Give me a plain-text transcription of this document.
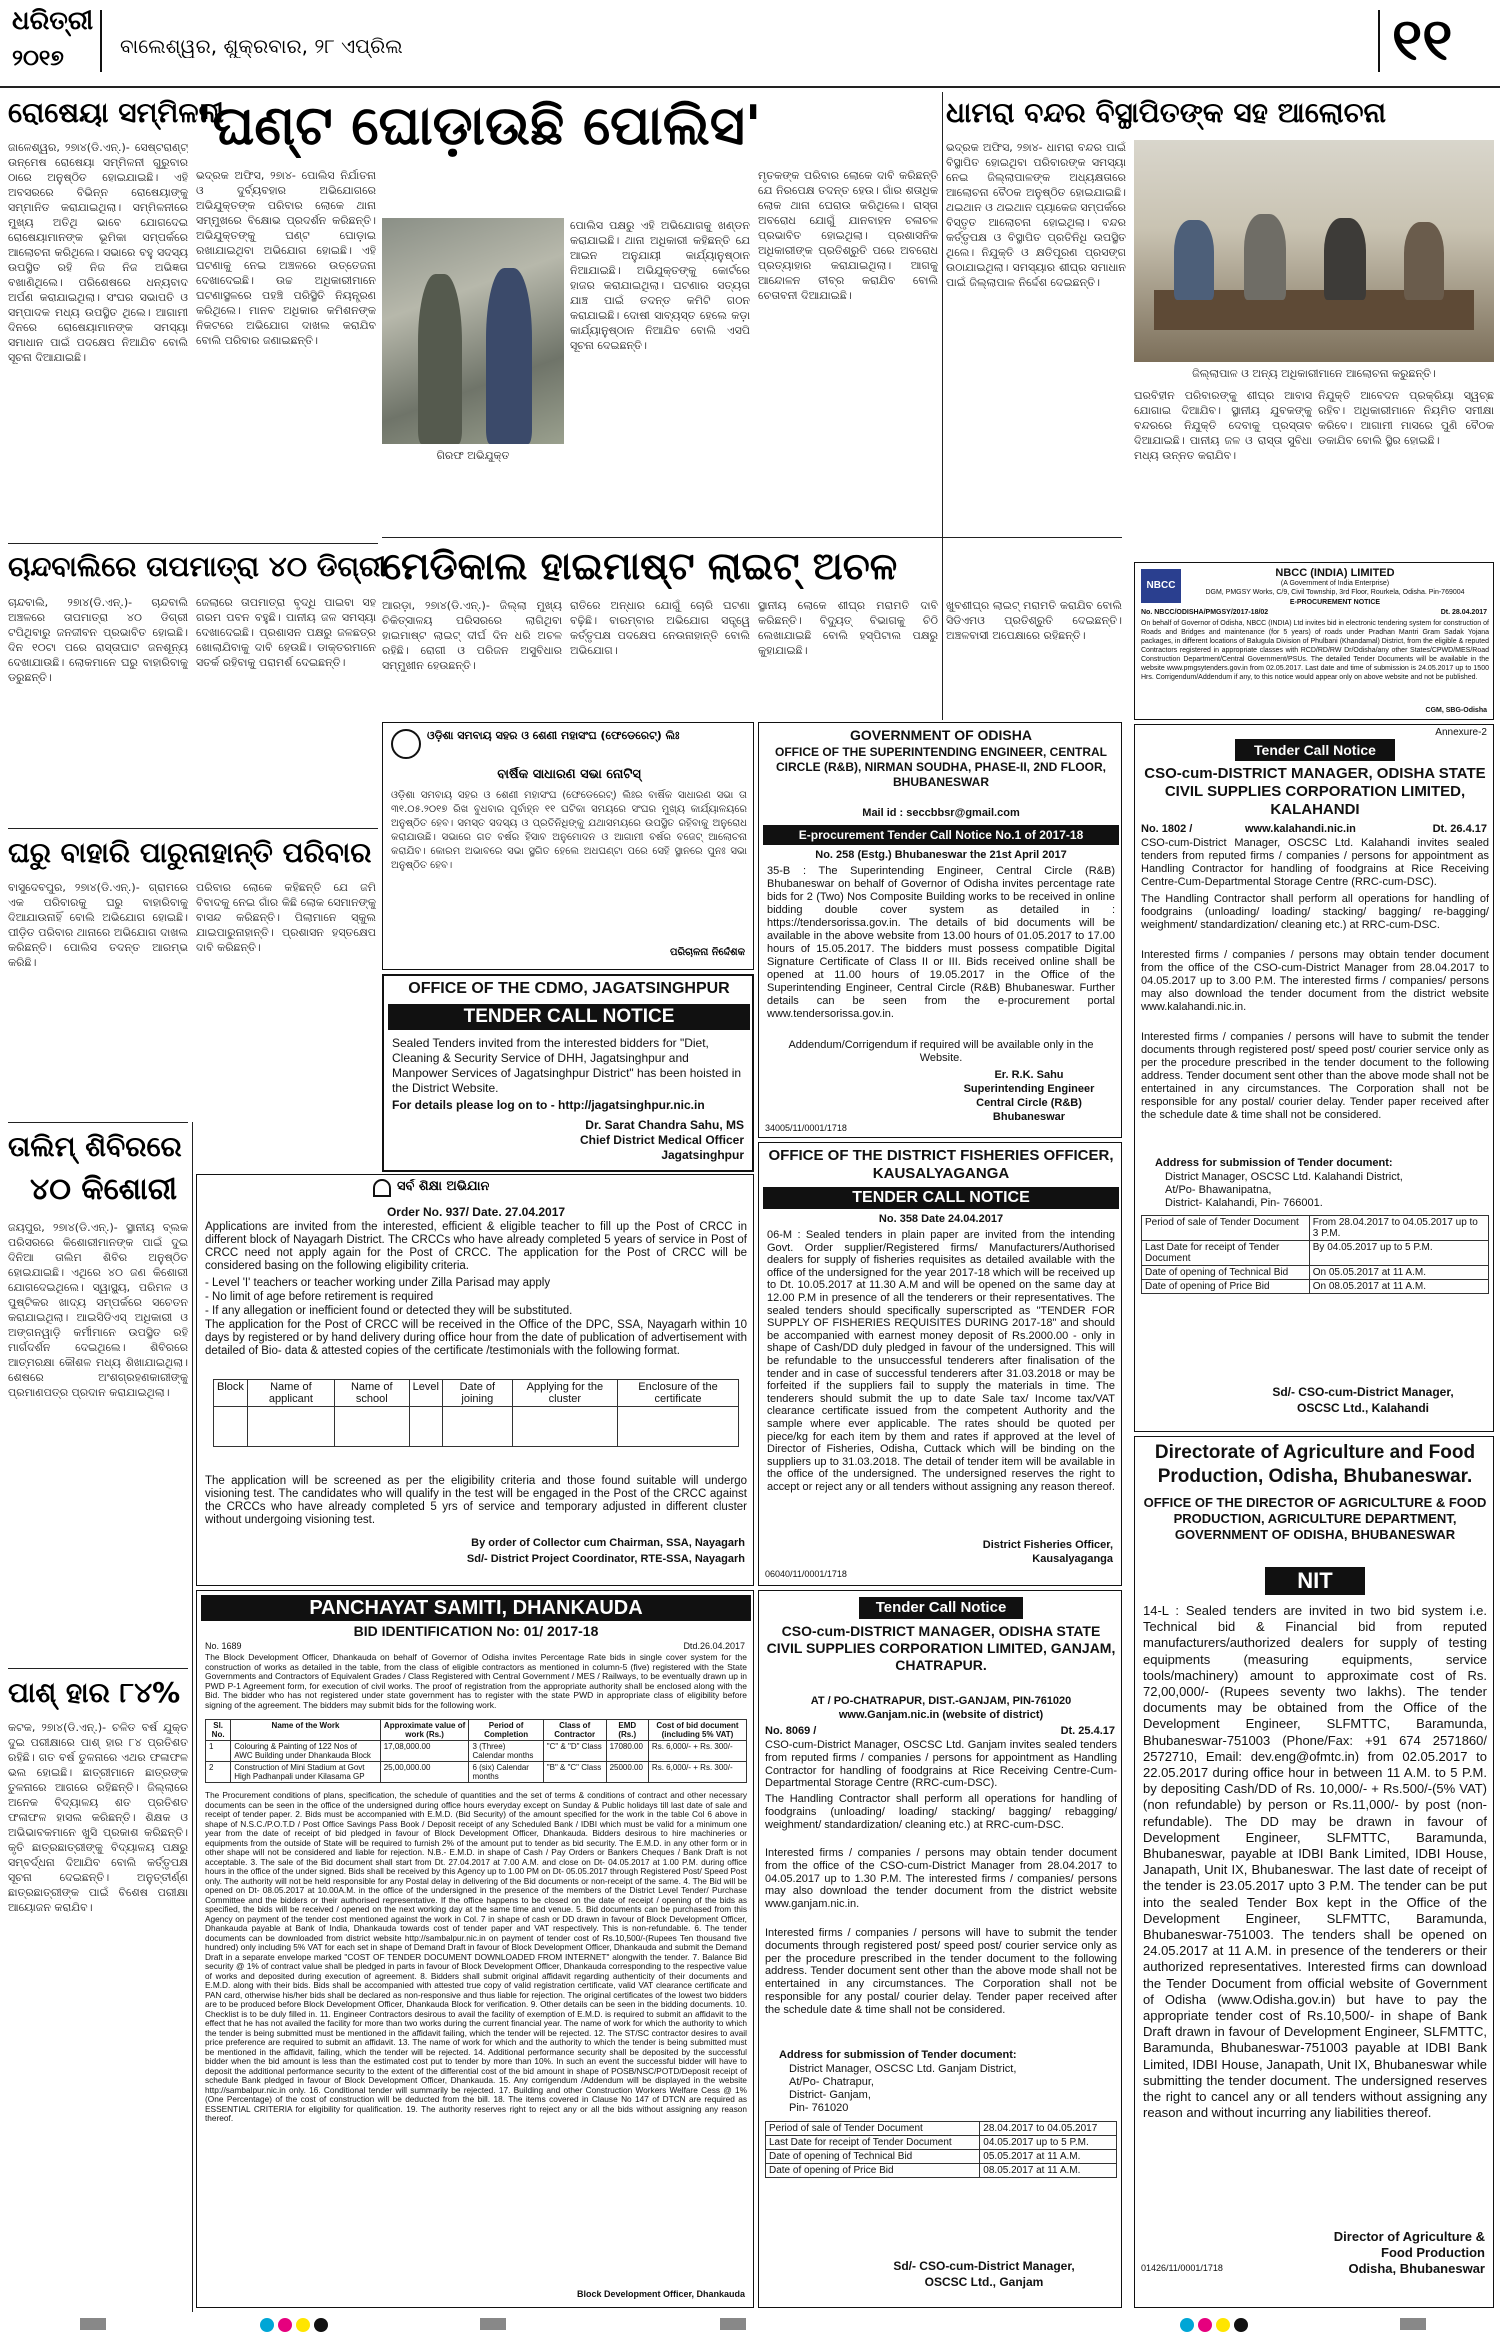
ଧରିତ୍ରୀ
୨୦୧୭	ବାଲେଶ୍ୱର, ଶୁକ୍ରବାର, ୨୮ ଏପ୍ରିଲ	୧୧
ରୋଷେୟା ସମ୍ମିଳନୀ
ଜାଳେଶ୍ୱର, ୨୭ା୪(ଡି.ଏନ୍.)- ସେଷ୍ଟରାଣ୍ଟ୍ ଉନ୍ମେଷ ରୋଷେୟା ସମ୍ମିଳନୀ ଗୁରୁବାର ଠାରେ ଅନୁଷ୍ଠିତ ହୋଇଯାଇଛି। ଏହି ଅବସରରେ ବିଭିନ୍ନ ରୋଷେୟାଙ୍କୁ ସମ୍ମାନିତ କରାଯାଇଥିଲା। ସମ୍ମିଳନୀରେ ମୁଖ୍ୟ ଅତିଥି ଭାବେ ଯୋଗଦେଇ ରୋଷେୟାମାନଙ୍କ ଭୂମିକା ସମ୍ପର୍କରେ ଆଲୋଚନା କରିଥିଲେ। ସଭାରେ ବହୁ ସଦସ୍ୟ ଉପସ୍ଥିତ ରହି ନିଜ ନିଜ ଅଭିଜ୍ଞତା ବଖାଣିଥିଲେ। ପରିଶେଷରେ ଧନ୍ୟବାଦ ଅର୍ପଣ କରାଯାଇଥିଲା। ସଂଘର ସଭାପତି ଓ ସମ୍ପାଦକ ମଧ୍ୟ ଉପସ୍ଥିତ ଥିଲେ। ଆଗାମୀ ଦିନରେ ରୋଷେୟାମାନଙ୍କ ସମସ୍ୟା ସମାଧାନ ପାଇଁ ପଦକ୍ଷେପ ନିଆଯିବ ବୋଲି ସୂଚନା ଦିଆଯାଇଛି।
ଚାନ୍ଦବାଲିରେ ତାପମାତ୍ରା ୪୦ ଡିଗ୍ରୀ
ଚାନ୍ଦବାଲି, ୨୭ା୪(ଡି.ଏନ୍.)- ଚାନ୍ଦବାଲି ଅଞ୍ଚଳରେ ତାପମାତ୍ରା ୪୦ ଡିଗ୍ରୀ ଟପିଥିବାରୁ ଜନଜୀବନ ପ୍ରଭାବିତ ହୋଇଛି। ଦିନ ୧୦ଟା ପରେ ରାସ୍ତାଘାଟ ଜନଶୂନ୍ୟ ଦେଖାଯାଉଛି। ଲୋକମାନେ ଘରୁ ବାହାରିବାକୁ ଡରୁଛନ୍ତି।
ଜେଲାରେ ତାପମାତ୍ରା ବୃଦ୍ଧି ପାଇବା ସହ ଗରମ ପବନ ବହୁଛି। ପାନୀୟ ଜଳ ସମସ୍ୟା ଦେଖାଦେଇଛି। ପ୍ରଶାସନ ପକ୍ଷରୁ ଜଳଛତ୍ର ଖୋଲାଯିବାକୁ ଦାବି ହେଉଛି। ଡାକ୍ତରମାନେ ସତର୍କ ରହିବାକୁ ପରାମର୍ଶ ଦେଇଛନ୍ତି।
ଘରୁ ବାହାରି ପାରୁନାହାନ୍ତି ପରିବାର
ବାସୁଦେବପୁର, ୨୭ା୪(ଡି.ଏନ୍.)- ଗ୍ରାମରେ ଏକ ପରିବାରକୁ ଘରୁ ବାହାରିବାକୁ ଦିଆଯାଉନାହିଁ ବୋଲି ଅଭିଯୋଗ ହୋଇଛି। ପୀଡ଼ିତ ପରିବାର ଥାନାରେ ଅଭିଯୋଗ ଦାଖଲ କରିଛନ୍ତି। ପୋଲିସ ତଦନ୍ତ ଆରମ୍ଭ କରିଛି।
ପରିବାର ଲୋକେ କହିଛନ୍ତି ଯେ ଜମି ବିବାଦକୁ ନେଇ ଗାଁର କିଛି ଲୋକ ସେମାନଙ୍କୁ ବାସନ୍ଦ କରିଛନ୍ତି। ପିଲାମାନେ ସ୍କୁଲ ଯାଇପାରୁନାହାନ୍ତି। ପ୍ରଶାସନ ହସ୍ତକ୍ଷେପ ଦାବି କରିଛନ୍ତି।
ତାଲିମ୍ ଶିବିରରେ
୪୦ କିଶୋରୀ
ଜୟପୁର, ୨୭ା୪(ଡି.ଏନ୍.)- ସ୍ଥାନୀୟ ବ୍ଲକ ପରିସରରେ କିଶୋରୀମାନଙ୍କ ପାଇଁ ଦୁଇ ଦିନିଆ ତାଲିମ ଶିବିର ଅନୁଷ୍ଠିତ ହୋଇଯାଇଛି। ଏଥିରେ ୪୦ ଜଣ କିଶୋରୀ ଯୋଗଦେଇଥିଲେ। ସ୍ୱାସ୍ଥ୍ୟ, ପରିମଳ ଓ ପୁଷ୍ଟିକର ଖାଦ୍ୟ ସମ୍ପର୍କରେ ସଚେତନ କରାଯାଇଥିଲା। ଆଇସିଡିଏସ୍ ଅଧିକାରୀ ଓ ଅଙ୍ଗନୱାଡ଼ି କର୍ମୀମାନେ ଉପସ୍ଥିତ ରହି ମାର୍ଗଦର୍ଶନ ଦେଇଥିଲେ। ଶିବିରରେ ଆତ୍ମରକ୍ଷା କୌଶଳ ମଧ୍ୟ ଶିଖାଯାଇଥିଲା। ଶେଷରେ ଅଂଶଗ୍ରହଣକାରୀଙ୍କୁ ପ୍ରମାଣପତ୍ର ପ୍ରଦାନ କରାଯାଇଥିଲା।
ପାଶ୍ ହାର ୮୪%
କଟକ, ୨୭ା୪(ଡି.ଏନ୍.)- ଚଳିତ ବର୍ଷ ଯୁକ୍ତ ଦୁଇ ପରୀକ୍ଷାରେ ପାଶ୍ ହାର ୮୪ ପ୍ରତିଶତ ରହିଛି। ଗତ ବର୍ଷ ତୁଳନାରେ ଏଥର ଫଳାଫଳ ଭଲ ହୋଇଛି। ଛାତ୍ରୀମାନେ ଛାତ୍ରଙ୍କ ତୁଳନାରେ ଆଗରେ ରହିଛନ୍ତି। ଜିଲ୍ଲାରେ ଅନେକ ବିଦ୍ୟାଳୟ ଶତ ପ୍ରତିଶତ ଫଳାଫଳ ହାସଲ କରିଛନ୍ତି। ଶିକ୍ଷକ ଓ ଅଭିଭାବକମାନେ ଖୁସି ପ୍ରକାଶ କରିଛନ୍ତି। କୃତି ଛାତ୍ରଛାତ୍ରୀଙ୍କୁ ବିଦ୍ୟାଳୟ ପକ୍ଷରୁ ସମ୍ବର୍ଦ୍ଧନା ଦିଆଯିବ ବୋଲି କର୍ତ୍ତୃପକ୍ଷ ସୂଚନା ଦେଇଛନ୍ତି। ଅନୁତ୍ତୀର୍ଣ୍ଣ ଛାତ୍ରଛାତ୍ରୀଙ୍କ ପାଇଁ ବିଶେଷ ପରୀକ୍ଷା ଆୟୋଜନ କରାଯିବ।
'ଘଣ୍ଟ ଘୋଡ଼ାଉଛି ପୋଲିସ'
ଭଦ୍ରକ ଅଫିସ, ୨୭ା୪- ପୋଲିସ ନିର୍ଯାତନା ଓ ଦୁର୍ବ୍ୟବହାର ଅଭିଯୋଗରେ ଅଭିଯୁକ୍ତଙ୍କ ପରିବାର ଲୋକେ ଥାନା ସମ୍ମୁଖରେ ବିକ୍ଷୋଭ ପ୍ରଦର୍ଶନ କରିଛନ୍ତି। ଅଭିଯୁକ୍ତଙ୍କୁ ଘଣ୍ଟ ଘୋଡ଼ାଇ ରଖାଯାଇଥିବା ଅଭିଯୋଗ ହୋଇଛି। ଏହି ଘଟଣାକୁ ନେଇ ଅଞ୍ଚଳରେ ଉତ୍ତେଜନା ଦେଖାଦେଇଛି। ଉଚ୍ଚ ଅଧିକାରୀମାନେ ଘଟଣାସ୍ଥଳରେ ପହଞ୍ଚି ପରିସ୍ଥିତି ନିୟନ୍ତ୍ରଣ କରିଥିଲେ। ମାନବ ଅଧିକାର କମିଶନଙ୍କ ନିକଟରେ ଅଭିଯୋଗ ଦାଖଲ କରାଯିବ ବୋଲି ପରିବାର ଜଣାଇଛନ୍ତି।
ଗିରଫ ଅଭିଯୁକ୍ତ
ପୋଲିସ ପକ୍ଷରୁ ଏହି ଅଭିଯୋଗକୁ ଖଣ୍ଡନ କରାଯାଇଛି। ଥାନା ଅଧିକାରୀ କହିଛନ୍ତି ଯେ ଆଇନ ଅନୁଯାୟୀ କାର୍ଯ୍ୟାନୁଷ୍ଠାନ ନିଆଯାଇଛି। ଅଭିଯୁକ୍ତଙ୍କୁ କୋର୍ଟରେ ହାଜର କରାଯାଇଥିଲା। ଘଟଣାର ସତ୍ୟତା ଯାଞ୍ଚ ପାଇଁ ତଦନ୍ତ କମିଟି ଗଠନ କରାଯାଇଛି। ଦୋଷୀ ସାବ୍ୟସ୍ତ ହେଲେ କଡ଼ା କାର୍ଯ୍ୟାନୁଷ୍ଠାନ ନିଆଯିବ ବୋଲି ଏସପି ସୂଚନା ଦେଇଛନ୍ତି।
ମୃତକଙ୍କ ପରିବାର ଲୋକେ ଦାବି କରିଛନ୍ତି ଯେ ନିରପେକ୍ଷ ତଦନ୍ତ ହେଉ। ଗାଁର ଶତାଧିକ ଲୋକ ଥାନା ଘେରାଉ କରିଥିଲେ। ରାସ୍ତା ଅବରୋଧ ଯୋଗୁଁ ଯାନବାହନ ଚଳାଚଳ ପ୍ରଭାବିତ ହୋଇଥିଲା। ପ୍ରଶାସନିକ ଅଧିକାରୀଙ୍କ ପ୍ରତିଶ୍ରୁତି ପରେ ଅବରୋଧ ପ୍ରତ୍ୟାହାର କରାଯାଇଥିଲା। ଆଗକୁ ଆନ୍ଦୋଳନ ତୀବ୍ର କରାଯିବ ବୋଲି ଚେତାବନୀ ଦିଆଯାଇଛି।
ଧାମରା ବନ୍ଦର ବିସ୍ଥାପିତଙ୍କ ସହ ଆଲୋଚନା
ଭଦ୍ରକ ଅଫିସ, ୨୭ା୪- ଧାମରା ବନ୍ଦର ପାଇଁ ବିସ୍ଥାପିତ ହୋଇଥିବା ପରିବାରଙ୍କ ସମସ୍ୟା ନେଇ ଜିଲ୍ଲାପାଳଙ୍କ ଅଧ୍ୟକ୍ଷତାରେ ଆଲୋଚନା ବୈଠକ ଅନୁଷ୍ଠିତ ହୋଇଯାଇଛି। ଥଇଥାନ ଓ ଥଇଥାନ ପ୍ୟାକେଜ ସମ୍ପର୍କରେ ବିସ୍ତୃତ ଆଲୋଚନା ହୋଇଥିଲା। ବନ୍ଦର କର୍ତ୍ତୃପକ୍ଷ ଓ ବିସ୍ଥାପିତ ପ୍ରତିନିଧି ଉପସ୍ଥିତ ଥିଲେ। ନିଯୁକ୍ତି ଓ କ୍ଷତିପୂରଣ ପ୍ରସଙ୍ଗ ଉଠାଯାଇଥିଲା। ସମସ୍ୟାର ଶୀଘ୍ର ସମାଧାନ ପାଇଁ ଜିଲ୍ଲାପାଳ ନିର୍ଦ୍ଦେଶ ଦେଇଛନ୍ତି।
ଜିଲ୍ଲାପାଳ ଓ ଅନ୍ୟ ଅଧିକାରୀମାନେ ଆଲୋଚନା କରୁଛନ୍ତି।
ଘରବିହୀନ ପରିବାରଙ୍କୁ ଶୀଘ୍ର ଆବାସ ଯୋଗାଇ ଦିଆଯିବ। ସ୍ଥାନୀୟ ଯୁବକଙ୍କୁ ବନ୍ଦରରେ ନିଯୁକ୍ତି ଦେବାକୁ ପ୍ରସ୍ତାବ ଦିଆଯାଇଛି। ପାନୀୟ ଜଳ ଓ ରାସ୍ତା ସୁବିଧା ମଧ୍ୟ ଉନ୍ନତ କରାଯିବ।
ନିଯୁକ୍ତି ଆବେଦନ ପ୍ରକ୍ରିୟା ସ୍ୱଚ୍ଛ ରହିବ। ଅଧିକାରୀମାନେ ନିୟମିତ ସମୀକ୍ଷା କରିବେ। ଆଗାମୀ ମାସରେ ପୁଣି ବୈଠକ ଡକାଯିବ ବୋଲି ସ୍ଥିର ହୋଇଛି।
ମେଡିକାଲ ହାଇମାଷ୍ଟ ଲାଇଟ୍ ଅଚଳ
ଆରଡ଼ା, ୨୭ା୪(ଡି.ଏନ୍.)- ଜିଲ୍ଲା ମୁଖ୍ୟ ଚିକିତ୍ସାଳୟ ପରିସରରେ ଲାଗିଥିବା ହାଇମାଷ୍ଟ ଲାଇଟ୍ ଦୀର୍ଘ ଦିନ ଧରି ଅଚଳ ରହିଛି। ରୋଗୀ ଓ ପରିଜନ ଅସୁବିଧାର ସମ୍ମୁଖୀନ ହେଉଛନ୍ତି।
ରାତିରେ ଅନ୍ଧାର ଯୋଗୁଁ ଚୋରି ଘଟଣା ବଢ଼ିଛି। ବାରମ୍ବାର ଅଭିଯୋଗ ସତ୍ତ୍ୱେ କର୍ତ୍ତୃପକ୍ଷ ପଦକ୍ଷେପ ନେଉନାହାନ୍ତି ବୋଲି ଅଭିଯୋଗ।
ସ୍ଥାନୀୟ ଲୋକେ ଶୀଘ୍ର ମରାମତି ଦାବି କରିଛନ୍ତି। ବିଦ୍ୟୁତ୍ ବିଭାଗକୁ ଚିଠି ଲେଖାଯାଇଛି ବୋଲି ହସ୍ପିଟାଲ ପକ୍ଷରୁ କୁହାଯାଇଛି।
ଖୁବଶୀଘ୍ର ଲାଇଟ୍ ମରାମତି କରାଯିବ ବୋଲି ସିଡିଏମଓ ପ୍ରତିଶ୍ରୁତି ଦେଇଛନ୍ତି। ଅଞ୍ଚଳବାସୀ ଅପେକ୍ଷାରେ ରହିଛନ୍ତି।
NBCC
NBCC (INDIA) LIMITED
(A Government of India Enterprise)
DGM, PMGSY Works, C/9, Civil Township, 3rd Floor, Rourkela, Odisha. Pin-769004
E-PROCUREMENT NOTICE
No. NBCC/ODISHA/PMGSY/2017-18/02	Dt. 28.04.2017
On behalf of Governor of Odisha, NBCC (INDIA) Ltd invites bid in electronic tendering system for construction of Roads and Bridges and maintenance (for 5 years) of roads under Pradhan Mantri Gram Sadak Yojana packages, in different locations of Balugula Division of Phulbani (Khandamal) District, from the eligible & reputed Contractors registered in appropriate classes with RCD/RD/RW Dr/Odisha/any other States/CPWD/MES/Road Construction Department/Central Government/PSUs. The detailed Tender Documents will be available in the website www.pmgsytenders.gov.in from 02.05.2017. Last date and time of submission is 24.05.2017 up to 1500 Hrs. Corrigendum/Addendum if any, to this notice would appear only on above website and not be published.
CGM, SBG-Odisha
ଓଡ଼ିଶା ସମବାୟ ସହର ଓ ଶେଣୀ ମହାସଂଘ (ଫେଡେରେଟ୍) ଲିଃ
ବାର୍ଷିକ ସାଧାରଣ ସଭା ନୋଟିସ୍
ଓଡ଼ିଶା ସମବାୟ ସହର ଓ ଶେଣୀ ମହାସଂଘ (ଫେଡେରେଟ୍) ଲିଃର ବାର୍ଷିକ ସାଧାରଣ ସଭା ତା ୩୧.୦୫.୨୦୧୭ ରିଖ ବୁଧବାର ପୂର୍ବାହ୍ନ ୧୧ ଘଟିକା ସମୟରେ ସଂଘର ମୁଖ୍ୟ କାର୍ଯ୍ୟାଳୟରେ ଅନୁଷ୍ଠିତ ହେବ। ସମସ୍ତ ସଦସ୍ୟ ଓ ପ୍ରତିନିଧିଙ୍କୁ ଯଥାସମୟରେ ଉପସ୍ଥିତ ରହିବାକୁ ଅନୁରୋଧ କରାଯାଉଛି। ସଭାରେ ଗତ ବର୍ଷର ହିସାବ ଅନୁମୋଦନ ଓ ଆଗାମୀ ବର୍ଷର ବଜେଟ୍ ଆଲୋଚନା କରାଯିବ। କୋରମ ଅଭାବରେ ସଭା ସ୍ଥଗିତ ହେଲେ ଅଧଘଣ୍ଟା ପରେ ସେହି ସ୍ଥାନରେ ପୁନଃ ସଭା ଅନୁଷ୍ଠିତ ହେବ।
ପରିଚାଳନା ନିର୍ଦ୍ଦେଶକ
OFFICE OF THE CDMO, JAGATSINGHPUR
TENDER CALL NOTICE
Sealed Tenders invited from the interested bidders for "Diet, Cleaning & Security Service of DHH, Jagatsinghpur and Manpower Services of Jagatsinghpur District" has been hoisted in the District Website.
For details please log on to - http://jagatsinghpur.nic.in
Dr. Sarat Chandra Sahu, MS
Chief District Medical Officer
Jagatsinghpur
GOVERNMENT OF ODISHA
OFFICE OF THE SUPERINTENDING ENGINEER, CENTRAL CIRCLE (R&B), NIRMAN SOUDHA, PHASE-II, 2ND FLOOR, BHUBANESWAR
Mail id : seccbbsr@gmail.com
E-procurement Tender Call Notice No.1 of 2017-18
No. 258 (Estg.) Bhubaneswar the 21st April 2017
35-B : The Superintending Engineer, Central Circle (R&B) Bhubaneswar on behalf of Governor of Odisha invites percentage rate bids for 2 (Two) Nos Composite Building works to be received in online bidding double cover system as detailed in : https://tendersorissa.gov.in. The details of bid documents will be available in the above website from 13.00 hours of 01.05.2017 to 17.00 hours of 15.05.2017. The bidders must possess compatible Digital Signature Certificate of Class II or III. Bids received online shall be opened at 11.00 hours of 19.05.2017 in the Office of the Superintending Engineer, Central Circle (R&B) Bhubaneswar. Further details can be seen from the e-procurement portal www.tendersorissa.gov.in.
Addendum/Corrigendum if required will be available only in the Website.
Er. R.K. Sahu
Superintending Engineer
Central Circle (R&B)
Bhubaneswar
34005/11/0001/1718
Annexure-2
Tender Call Notice
CSO-cum-DISTRICT MANAGER, ODISHA STATE CIVIL SUPPLIES CORPORATION LIMITED, KALAHANDI
No. 1802 /	www.kalahandi.nic.in	Dt. 26.4.17
CSO-cum-District Manager, OSCSC Ltd. Kalahandi invites sealed tenders from reputed firms / companies / persons for appointment as Handling Contractor for handling of foodgrains at Rice Receiving Centre-Cum-Departmental Storage Centre (RRC-cum-DSC).
The Handling Contractor shall perform all operations for handling of foodgrains (unloading/ loading/ stacking/ bagging/ re-bagging/ weighment/ standardization/ cleaning etc.) at RRC-cum-DSC.
Interested firms / companies / persons may obtain tender document from the office of the CSO-cum-District Manager from 28.04.2017 to 04.05.2017 up to 3.00 P.M. The interested firms / companies/ persons may also download the tender document from the district website www.kalahandi.nic.in.
Interested firms / companies / persons will have to submit the tender documents through registered post/ speed post/ courier service only as per the procedure prescribed in the tender document to the following address. Tender document sent other than the above mode shall not be entertained in any circumstances. The Corporation shall not be responsible for any postal/ courier delay. Tender paper received after the schedule date & time shall not be considered.
Address for submission of Tender document:
District Manager, OSCSC Ltd. Kalahandi District,
At/Po- Bhawanipatna,
District- Kalahandi, Pin- 766001.
Period of sale of Tender Document	From 28.04.2017 to 04.05.2017 up to 3 P.M.
Last Date for receipt of Tender Document	By 04.05.2017 up to 5 P.M.
Date of opening of Technical Bid	On 05.05.2017 at 11 A.M.
Date of opening of Price Bid	On 08.05.2017 at 11 A.M.
Sd/- CSO-cum-District Manager,
OSCSC Ltd., Kalahandi
ସର୍ବ ଶିକ୍ଷା ଅଭିଯାନ
Order No. 937/ Date. 27.04.2017
Applications are invited from the interested, efficient & eligible teacher to fill up the Post of CRCC in different block of Nayagarh District. The CRCCs who have already completed 5 years of service in Post of CRCC need not apply again for the Post of CRCC. The application for the Post of CRCC will be considered basing on the following eligibility criteria.
- Level 'I' teachers or teacher working under Zilla Parisad may apply
- No limit of age before retirement is required
- If any allegation or inefficient found or detected they will be substituted.
The application for the Post of CRCC will be received in the Office of the DPC, SSA, Nayagarh within 10 days by registered or by hand delivery during office hour from the date of publication of advertisement with detailed of Bio- data & attested copies of the certificate /testimonials with the following format.
Block	Name of applicant	Name of school	Level	Date of joining	Applying for the cluster	Enclosure of the certificate

The application will be screened as per the eligibility criteria and those found suitable will undergo visioning test. The candidates who will qualify in the test will be engaged in the Post of the CRCC against the CRCCs who have already completed 5 yrs of service and temporary adjusted in different cluster without undergoing visioning test.
By order of Collector cum Chairman, SSA, Nayagarh
Sd/- District Project Coordinator, RTE-SSA, Nayagarh
OFFICE OF THE DISTRICT FISHERIES OFFICER, KAUSALYAGANGA
TENDER CALL NOTICE
No. 358 Date 24.04.2017
06-M : Sealed tenders in plain paper are invited from the intending Govt. Order supplier/Registered firms/ Manufacturers/Authorised dealers for supply of fisheries requisites as detailed available with the office of the undersigned for the year 2017-18 which will be received up to Dt. 10.05.2017 at 11.30 A.M and will be opened on the same day at 12.00 P.M in presence of all the tenderers or their representatives. The sealed tenders should specifically superscripted as "TENDER FOR SUPPLY OF FISHERIES REQUISITES DURING 2017-18" and should be accompanied with earnest money deposit of Rs.2000.00 - only in shape of Cash/DD duly pledged in favour of the undersigned. This will be refundable to the unsuccessful tenderers after finalisation of the tender and in case of successful tenderers after 31.03.2018 or may be forfeited if the suppliers fail to supply the materials in time. The tenderers should submit the up to date Sale tax/ Income tax/VAT clearance certificate issued from the competent Authority and the sample where ever applicable. The rates should be quoted per piece/kg for each item by them and rates if approved at the level of Director of Fisheries, Odisha, Cuttack which will be binding on the suppliers up to 31.03.2018. The detail of tender item will be available in the office of the undersigned. The undersigned reserves the right to accept or reject any or all tenders without assigning any reason thereof.
District Fisheries Officer,
Kausalyaganga
06040/11/0001/1718
Directorate of Agriculture and Food Production, Odisha, Bhubaneswar.
OFFICE OF THE DIRECTOR OF AGRICULTURE & FOOD PRODUCTION, AGRICULTURE DEPARTMENT, GOVERNMENT OF ODISHA, BHUBANESWAR
NIT
14-L : Sealed tenders are invited in two bid system i.e. Technical bid & Financial bid from reputed manufacturers/authorized dealers for supply of testing equipments (measuring equipments, service tools/machinery) amount to approximate cost of Rs. 72,00,000/- (Rupees seventy two lakhs). The tender documents may be obtained from the Office of the Development Engineer, SLFMTTC, Baramunda, Bhubaneswar-751003 (Phone/Fax: +91 674 2571860/ 2572710, Email: dev.eng@ofmtc.in) from 02.05.2017 to 22.05.2017 during office hour in between 11 A.M. to 5 P.M. by depositing Cash/DD of Rs. 10,000/- + Rs.500/-(5% VAT) (non refundable) by person or Rs.11,000/- by post (non-refundable). The DD may be drawn in favour of Development Engineer, SLFMTTC, Baramunda, Bhubaneswar, payable at IDBI Bank Limited, IDBI House, Janapath, Unit IX, Bhubaneswar. The last date of receipt of the tender is 23.05.2017 upto 3 P.M. The tender can be put into the sealed Tender Box kept in the Office of the Development Engineer, SLFMTTC, Baramunda, Bhubaneswar-751003. The tenders shall be opened on 24.05.2017 at 11 A.M. in presence of the tenderers or their authorized representatives. Interested firms can download the Tender Document from official website of Government of Odisha (www.Odisha.gov.in) but have to pay the appropriate tender cost of Rs.10,500/- in shape of Bank Draft drawn in favour of Development Engineer, SLFMTTC, Baramunda, Bhubaneswar-751003 payable at IDBI Bank Limited, IDBI House, Janapath, Unit IX, Bhubaneswar while submitting the tender document. The undersigned reserves the right to cancel any or all tenders without assigning any reason and without incurring any liabilities thereof.
Director of Agriculture &
Food Production
Odisha, Bhubaneswar
01426/11/0001/1718
PANCHAYAT SAMITI, DHANKAUDA
BID IDENTIFICATION No: 01/ 2017-18
No. 1689	Dtd.26.04.2017
The Block Development Officer, Dhankauda on behalf of Governor of Odisha invites Percentage Rate bids in single cover system for the construction of works as detailed in the table, from the class of eligible contractors as mentioned in column-5 (five) registered with the State Governments and Contractors of Equivalent Grades / Class Registered with Central Government / MES / Railways, to be eventually drawn up in PWD P-1 Agreement form, for execution of civil works. The proof of registration from the appropriate authority shall be enclosed along with the Bid. The bidder who has not registered under state government has to register with the state PWD in appropriate class of eligibility before signing of the agreement. The bidders may submit bids for the following work.
Sl. No.	Name of the Work	Approximate value of work (Rs.)	Period of Completion	Class of Contractor	EMD (Rs.)	Cost of bid document (including 5% VAT)
1	Colouring & Painting of 122 Nos of AWC Building under Dhankauda Block	17,08,000.00	3 (Three) Calendar months	"C" & "D" Class	17080.00	Rs. 6,000/- + Rs. 300/-
2	Construction of Mini Stadium at Govt High Padhanpali under Kilasama GP	25,00,000.00	6 (six) Calendar months	"B" & "C" Class	25000.00	Rs. 6,000/- + Rs. 300/-
The Procurement conditions of plans, specification, the schedule of quantities and the set of terms & conditions of contract and other necessary documents can be seen in the office of the undersigned during office hours everyday except on Sunday & Public holidays till last date of sale and receipt of tender paper. 2. Bids must be accompanied with E.M.D. (Bid Security) of the amount specified for the work in the table Col 6 above in shape of N.S.C./P.O.T.D / Post Office Savings Pass Book / Deposit receipt of any Scheduled Bank / IDBI which must be valid for a minimum one year from the date of receipt of bid pledged in favour of Block Development Officer, Dhankauda. Bidders desirous to hire machineries or equipments from the outside of State will be required to furnish 2% of the amount put to tender as bid security. The E.M.D. in any other form or in other shape will not be considered and liable for rejection. N.B.- E.M.D. in shape of Cash / Pay Orders or Bankers Cheques / Bank Draft is not acceptable. 3. The sale of the Bid document shall start from Dt. 27.04.2017 at 7.00 A.M. and close on Dt- 04.05.2017 at 1.00 P.M. during office hours in the office of the under signed. Bids shall be received by this Agency up to 1.00 PM on Dt- 05.05.2017 through Registered Post/ Speed Post only. The authority will not be held responsible for any Postal delay in delivering of the Bid documents or non-receipt of the same. 4. The Bid will be opened on Dt- 08.05.2017 at 10.00A.M. in the office of the undersigned in the presence of the members of the District Level Tender/ Purchase Committee and the bidders or their authorised representative. If the office happens to be closed on the date of receipt / opening of the bids as specified, the bids will be received / opened on the next working day at the same time and venue. 5. Bid documents can be purchased from this Agency on payment of the tender cost mentioned against the work in Col. 7 in shape of cash or DD drawn in favour of Block Development Officer, Dhankauda payable at Bank of India, Dhankauda towards cost of tender paper and VAT respectively. This is non-refundable. 6. The tender documents can be downloaded from district website http://sambalpur.nic.in on payment of tender cost of Rs.10,500/-(Rupees Ten thousand five hundred) only including 5% VAT for each set in shape of Demand Draft in favour of Block Development Officer, Dhankauda and submit the Demand Draft in a separate envelope marked "COST OF TENDER DOCUMENT DOWNLOADED FROM INTERNET" alongwith the tender. 7. Balance Bid security @ 1% of contract value shall be pledged in parts in favour of Block Development Officer, Dhankauda corresponding to the respective value of works and deposited during execution of agreement. 8. Bidders shall submit original affidavit regarding authenticity of their documents and E.M.D. along with their bids. Bids shall be accompanied with attested true copy of valid registration certificate, valid VAT clearance certificate and PAN card, otherwise his/her bids shall be declared as non-responsive and thus liable for rejection. The original certificates of the lowest two bidders are to be produced before Block Development Officer, Dhankauda Block for verification. 9. Other details can be seen in the bidding documents. 10. Checklist is to be duly filled in. 11. Engineer Contractors desirous to avail the facility of exemption of E.M.D. is required to submit an affidavit to the effect that he has not availed the facility for more than two works during the current financial year. The name of work for which the authority to which the tender is being submitted must be mentioned in the affidavit failing, which the tender will be rejected. 12. The ST/SC contractor desires to avail price preference are required to submit an affidavit. 13. The name of work for which and the authority to which the tender is being submitted must be mentioned in the affidavit, failing, which the tender will be rejected. 14. Additional performance security shall be deposited by the successful bidder when the bid amount is less than the estimated cost put to tender by more than 10%. In such an event the successful bidder will have to deposit the additional performance security to the extent of the differential cost of the bid amount in shape of POSB/NSC/POTD/Deposit receipt of schedule Bank pledged in favour of Block Development Officer, Dhankauda. 15. Any corrigendum /Addendum will be displayed in the website http://sambalpur.nic.in only. 16. Conditional tender will summarily be rejected. 17. Building and other Construction Workers Welfare Cess @ 1% (One Percentage) of the cost of construction will be deducted from the bill. 18. The items covered in Clause No 147 of DTCN are required as ESSENTIAL CRITERIA for eligibility for qualification. 19. The authority reserves right to reject any or all the bids without assigning any reason thereof.
Block Development Officer, Dhankauda
Tender Call Notice
CSO-cum-DISTRICT MANAGER, ODISHA STATE CIVIL SUPPLIES CORPORATION LIMITED, GANJAM, CHATRAPUR.
AT / PO-CHATRAPUR, DIST.-GANJAM, PIN-761020
www.Ganjam.nic.in (website of district)
No. 8069 /	Dt. 25.4.17
CSO-cum-District Manager, OSCSC Ltd. Ganjam invites sealed tenders from reputed firms / companies / persons for appointment as Handling Contractor for handling of foodgrains at Rice Receiving Centre-Cum-Departmental Storage Centre (RRC-cum-DSC).
The Handling Contractor shall perform all operations for handling of foodgrains (unloading/ loading/ stacking/ bagging/ rebagging/ weighment/ standardization/ cleaning etc.) at RRC-cum-DSC.
Interested firms / companies / persons may obtain tender document from the office of the CSO-cum-District Manager from 28.04.2017 to 04.05.2017 up to 1.30 P.M. The interested firms / companies/ persons may also download the tender document from the district website www.ganjam.nic.in.
Interested firms / companies / persons will have to submit the tender documents through registered post/ speed post/ courier service only as per the procedure prescribed in the tender document to the following address. Tender document sent other than the above mode shall not be entertained in any circumstances. The Corporation shall not be responsible for any postal/ courier delay. Tender paper received after the schedule date & time shall not be considered.
Address for submission of Tender document:
District Manager, OSCSC Ltd. Ganjam District,
At/Po- Chatrapur,
District- Ganjam,
Pin- 761020
Period of sale of Tender Document	28.04.2017 to 04.05.2017
Last Date for receipt of Tender Document	04.05.2017 up to 5 P.M.
Date of opening of Technical Bid	05.05.2017 at 11 A.M.
Date of opening of Price Bid	08.05.2017 at 11 A.M.
Sd/- CSO-cum-District Manager,
OSCSC Ltd., Ganjam
